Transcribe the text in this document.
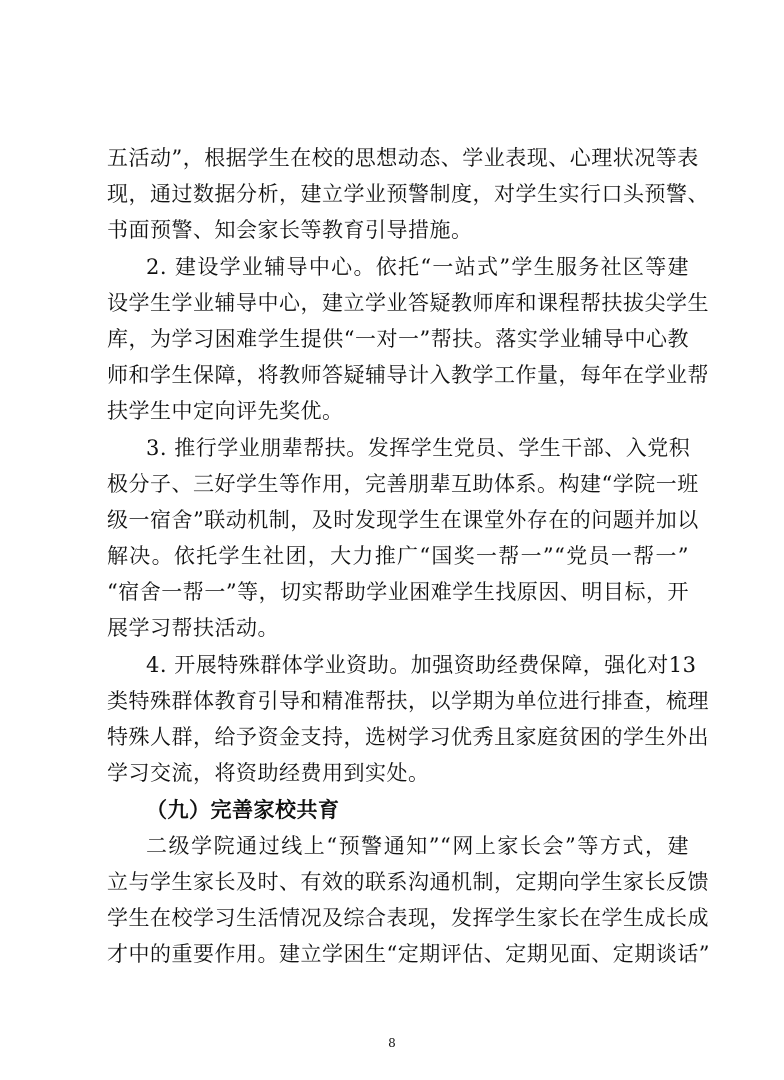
五活动”，根据学生在校的思想动态、学业表现、心理状况等表
现，通过数据分析，建立学业预警制度，对学生实行口头预警、
书面预警、知会家长等教育引导措施。
2. 建设学业辅导中心。依托“一站式”学生服务社区等建
设学生学业辅导中心，建立学业答疑教师库和课程帮扶拔尖学生
库，为学习困难学生提供“一对一”帮扶。落实学业辅导中心教
师和学生保障，将教师答疑辅导计入教学工作量，每年在学业帮
扶学生中定向评先奖优。
3. 推行学业朋辈帮扶。发挥学生党员、学生干部、入党积
极分子、三好学生等作用，完善朋辈互助体系。构建“学院一班
级一宿舍”联动机制，及时发现学生在课堂外存在的问题并加以
解决。依托学生社团，大力推广“国奖一帮一”“党员一帮一”
“宿舍一帮一”等，切实帮助学业困难学生找原因、明目标，开
展学习帮扶活动。
4. 开展特殊群体学业资助。加强资助经费保障，强化对13
类特殊群体教育引导和精准帮扶，以学期为单位进行排查，梳理
特殊人群，给予资金支持，选树学习优秀且家庭贫困的学生外出
学习交流，将资助经费用到实处。
（九）完善家校共育
二级学院通过线上“预警通知”“网上家长会”等方式，建
立与学生家长及时、有效的联系沟通机制，定期向学生家长反馈
学生在校学习生活情况及综合表现，发挥学生家长在学生成长成
才中的重要作用。建立学困生“定期评估、定期见面、定期谈话”
8
